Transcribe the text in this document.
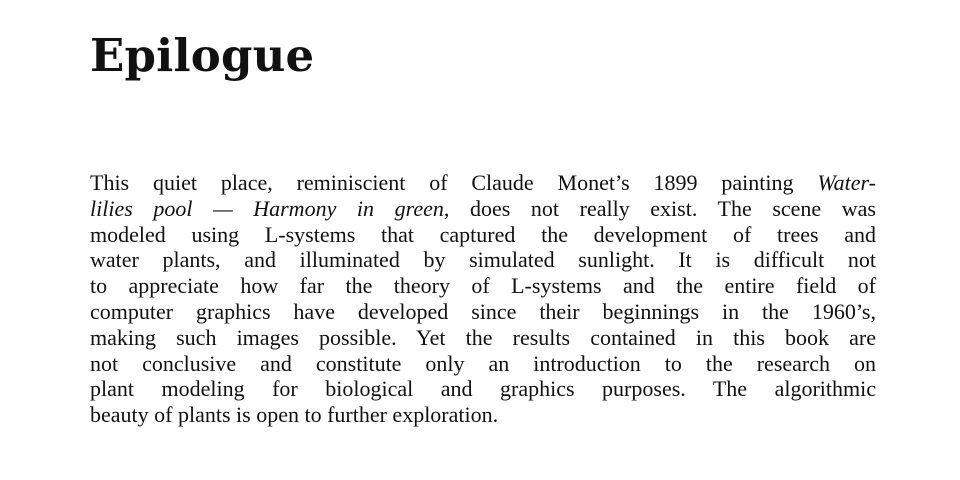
Epilogue
This quiet place, reminiscient of Claude Monet’s 1899 painting Water-
lilies pool — Harmony in green, does not really exist. The scene was
modeled using L-systems that captured the development of trees and
water plants, and illuminated by simulated sunlight. It is difficult not
to appreciate how far the theory of L-systems and the entire field of
computer graphics have developed since their beginnings in the 1960’s,
making such images possible. Yet the results contained in this book are
not conclusive and constitute only an introduction to the research on
plant modeling for biological and graphics purposes. The algorithmic
beauty of plants is open to further exploration.
